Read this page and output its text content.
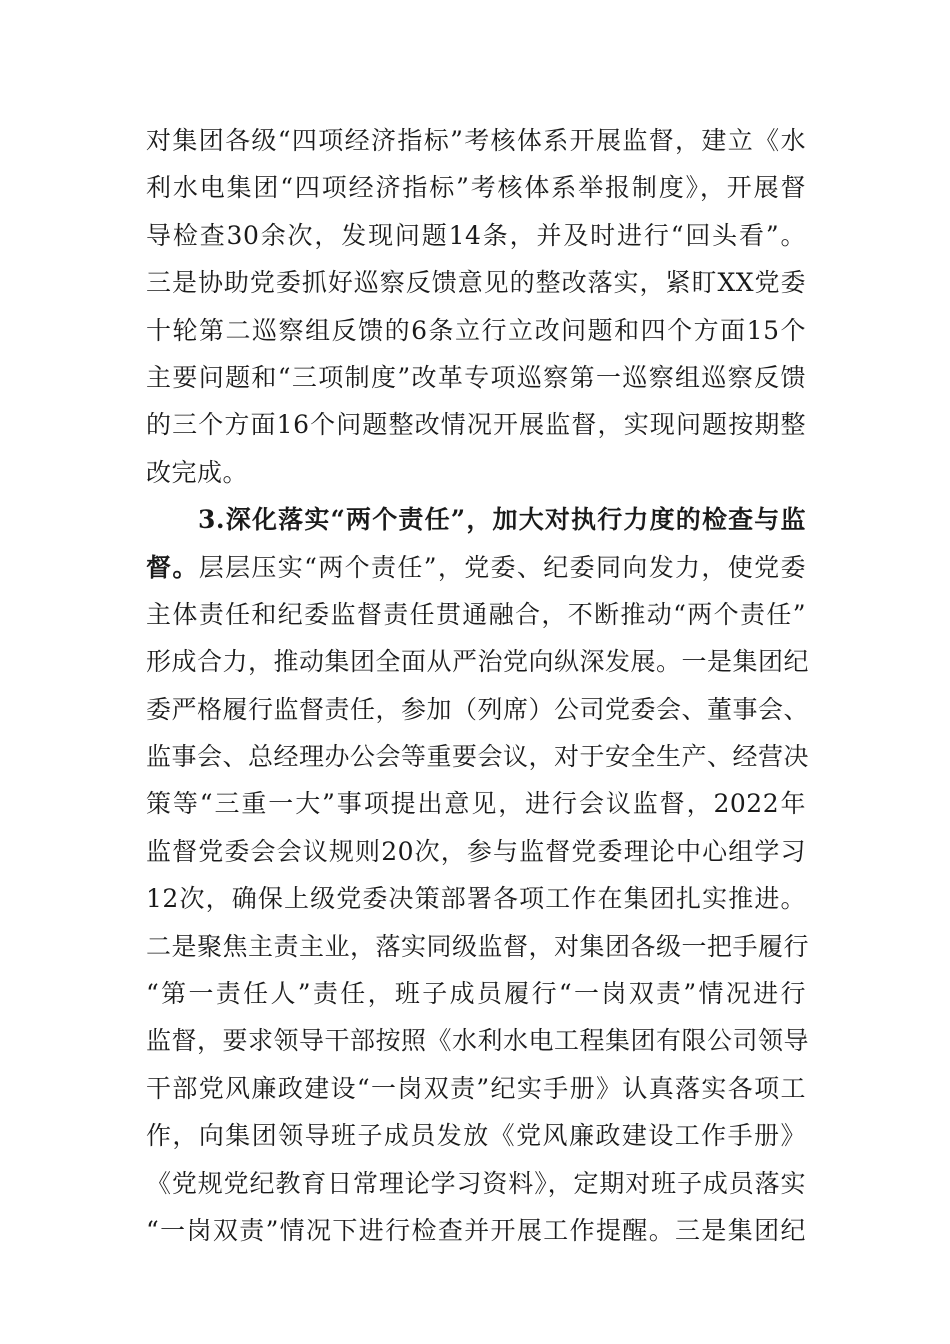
对集团各级“四项经济指标”考核体系开展监督，建立《水
利水电集团“四项经济指标”考核体系举报制度》，开展督
导检查30余次，发现问题14条，并及时进行“回头看”。
三是协助党委抓好巡察反馈意见的整改落实，紧盯XX党委
十轮第二巡察组反馈的6条立行立改问题和四个方面15个
主要问题和“三项制度”改革专项巡察第一巡察组巡察反馈
的三个方面16个问题整改情况开展监督，实现问题按期整
改完成。
3.深化落实“两个责任”，加大对执行力度的检查与监
督。层层压实“两个责任”，党委、纪委同向发力，使党委
主体责任和纪委监督责任贯通融合，不断推动“两个责任”
形成合力，推动集团全面从严治党向纵深发展。一是集团纪
委严格履行监督责任，参加（列席）公司党委会、董事会、
监事会、总经理办公会等重要会议，对于安全生产、经营决
策等“三重一大”事项提出意见，进行会议监督，2022年
监督党委会会议规则20次，参与监督党委理论中心组学习
12次，确保上级党委决策部署各项工作在集团扎实推进。
二是聚焦主责主业，落实同级监督，对集团各级一把手履行
“第一责任人”责任，班子成员履行“一岗双责”情况进行
监督，要求领导干部按照《水利水电工程集团有限公司领导
干部党风廉政建设“一岗双责”纪实手册》认真落实各项工
作，向集团领导班子成员发放《党风廉政建设工作手册》
《党规党纪教育日常理论学习资料》，定期对班子成员落实
“一岗双责”情况下进行检查并开展工作提醒。三是集团纪
